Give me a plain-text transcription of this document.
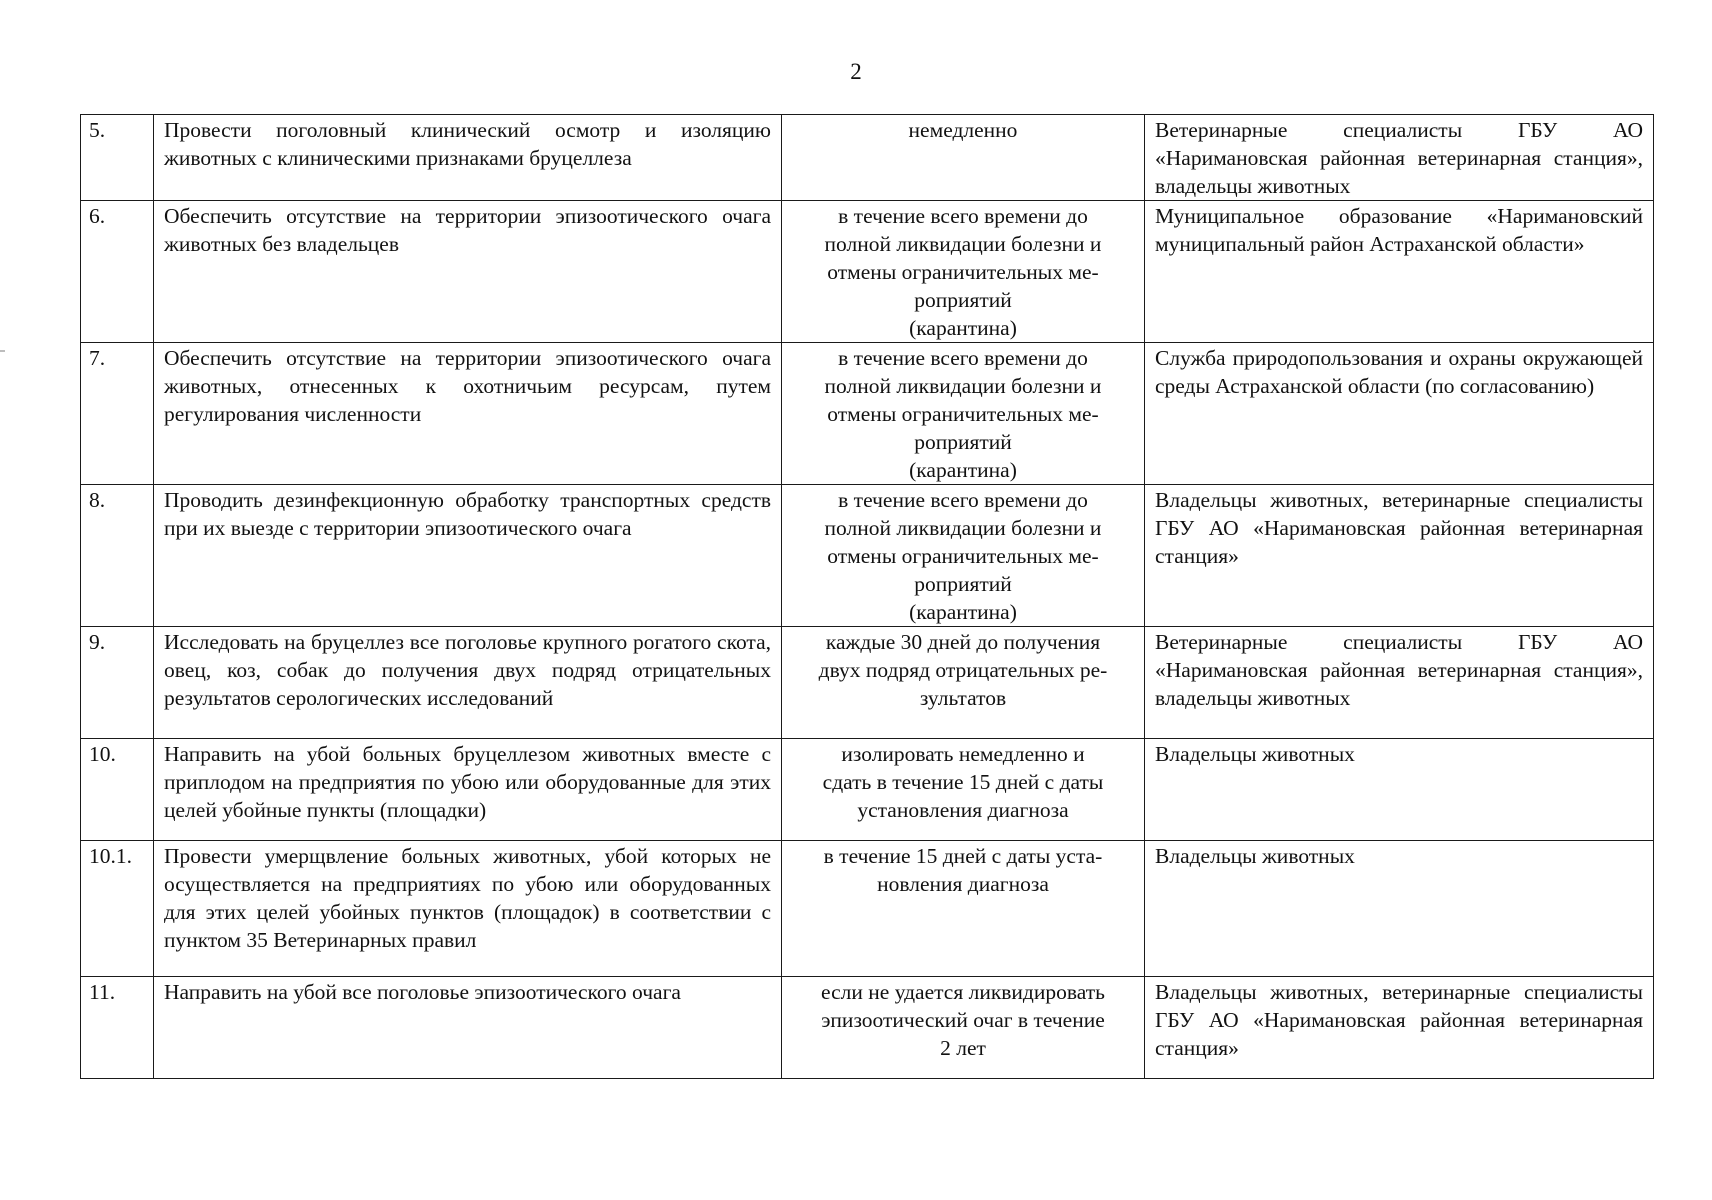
2
5.	Провести поголовный клинический осмотр и изоляцию животных с клиническими признаками бруцеллеза	немедленно	Ветеринарные специалисты ГБУ АО «Наримановская районная ветеринарная станция», владельцы животных
6.	Обеспечить отсутствие на территории эпизоотического очага животных без владельцев	в течение всего времени до
полной ликвидации болезни и
отмены ограничительных ме-
роприятий
(карантина)	Муниципальное образование «Наримановский муниципальный район Астраханской области»
7.	Обеспечить отсутствие на территории эпизоотического очага животных, отнесенных к охотничьим ресурсам, путем регулирования численности	в течение всего времени до
полной ликвидации болезни и
отмены ограничительных ме-
роприятий
(карантина)	Служба природопользования и охраны окружающей среды Астраханской области (по согласованию)
8.	Проводить дезинфекционную обработку транспортных средств при их выезде с территории эпизоотического очага	в течение всего времени до
полной ликвидации болезни и
отмены ограничительных ме-
роприятий
(карантина)	Владельцы животных, ветеринарные специалисты ГБУ АО «Наримановская районная ветеринарная станция»
9.	Исследовать на бруцеллез все поголовье крупного рогатого скота, овец, коз, собак до получения двух подряд отрицательных результатов серологических исследований	каждые 30 дней до получения
двух подряд отрицательных ре-
зультатов	Ветеринарные специалисты ГБУ АО «Наримановская районная ветеринарная станция», владельцы животных
10.	Направить на убой больных бруцеллезом животных вместе с приплодом на предприятия по убою или оборудованные для этих целей убойные пункты (площадки)	изолировать немедленно и
сдать в течение 15 дней с даты
установления диагноза	Владельцы животных
10.1.	Провести умерщвление больных животных, убой которых не осуществляется на предприятиях по убою или оборудованных для этих целей убойных пунктов (площадок) в соответствии с пунктом 35 Ветеринарных правил	в течение 15 дней с даты уста-
новления диагноза	Владельцы животных
11.	Направить на убой все поголовье эпизоотического очага	если не удается ликвидировать
эпизоотический очаг в течение
2 лет	Владельцы животных, ветеринарные специалисты ГБУ АО «Наримановская районная ветеринарная станция»
